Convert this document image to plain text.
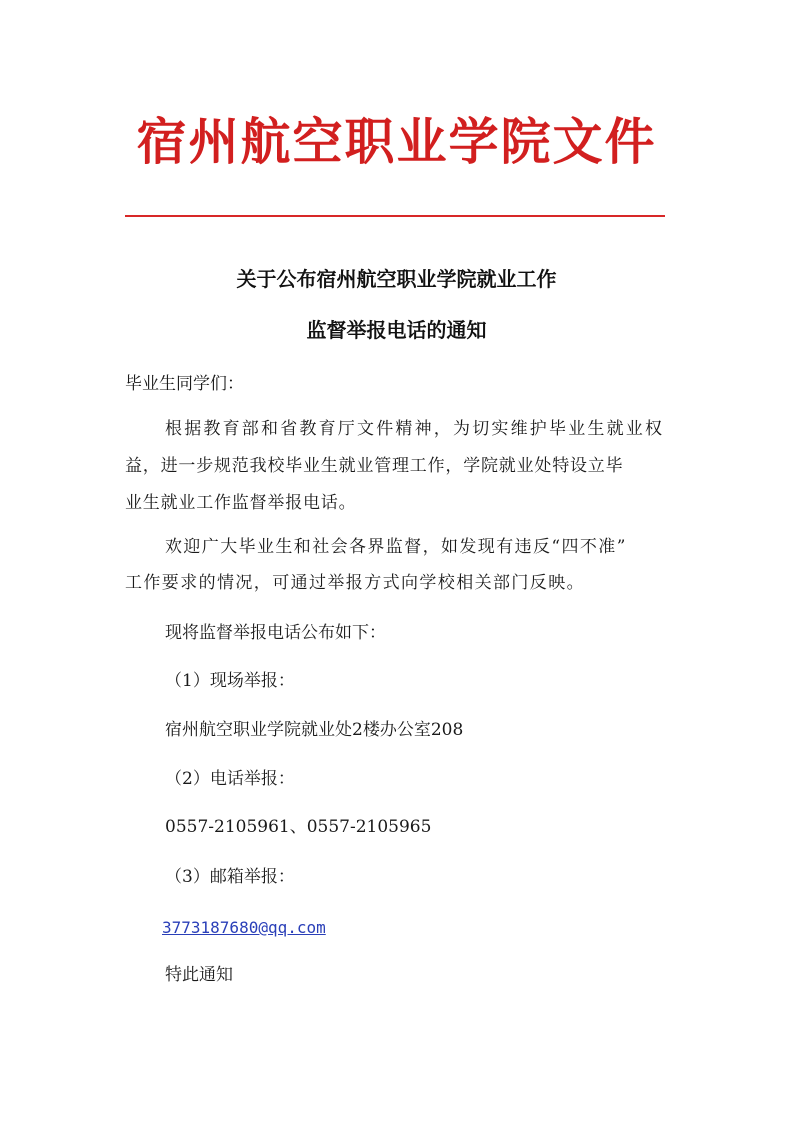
宿州航空职业学院文件
关于公布宿州航空职业学院就业工作
监督举报电话的通知
毕业生同学们：
根据教育部和省教育厅文件精神，为切实维护毕业生就业权
益，进一步规范我校毕业生就业管理工作，学院就业处特设立毕
业生就业工作监督举报电话。
欢迎广大毕业生和社会各界监督，如发现有违反“四不准”
工作要求的情况，可通过举报方式向学校相关部门反映。
现将监督举报电话公布如下：
（1）现场举报：
宿州航空职业学院就业处2楼办公室208
（2）电话举报：
0557-2105961、0557-2105965
（3）邮箱举报：
3773187680@qq.com
特此通知
